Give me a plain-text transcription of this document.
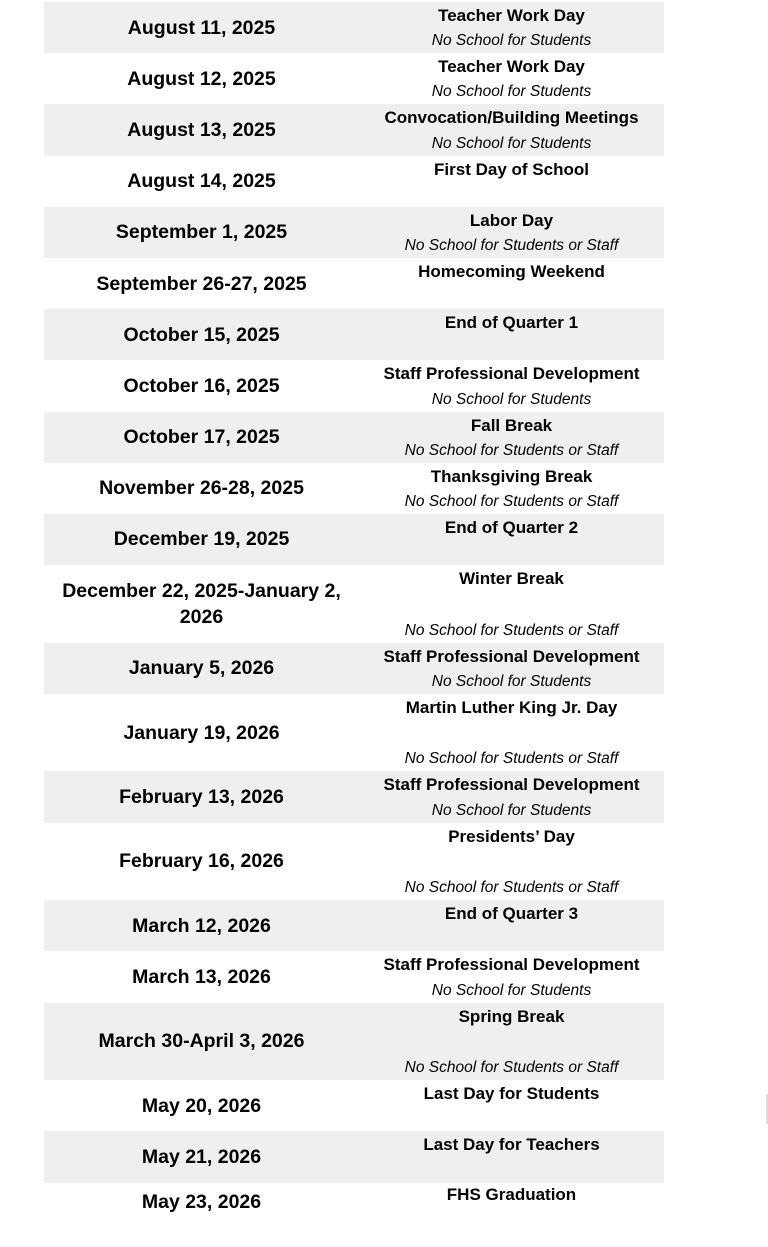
August 11, 2025
Teacher Work Day
No School for Students
August 12, 2025
Teacher Work Day
No School for Students
August 13, 2025
Convocation/Building Meetings
No School for Students
August 14, 2025
First Day of School
September 1, 2025
Labor Day
No School for Students or Staff
September 26-27, 2025
Homecoming Weekend
October 15, 2025
End of Quarter 1
October 16, 2025
Staff Professional Development
No School for Students
October 17, 2025
Fall Break
No School for Students or Staff
November 26-28, 2025
Thanksgiving Break
No School for Students or Staff
December 19, 2025
End of Quarter 2
December 22, 2025-January 2, 2026
Winter Break
No School for Students or Staff
January 5, 2026
Staff Professional Development
No School for Students
January 19, 2026
Martin Luther King Jr. Day
No School for Students or Staff
February 13, 2026
Staff Professional Development
No School for Students
February 16, 2026
Presidents’ Day
No School for Students or Staff
March 12, 2026
End of Quarter 3
March 13, 2026
Staff Professional Development
No School for Students
March 30-April 3, 2026
Spring Break
No School for Students or Staff
May 20, 2026
Last Day for Students
May 21, 2026
Last Day for Teachers
May 23, 2026	FHS Graduation
